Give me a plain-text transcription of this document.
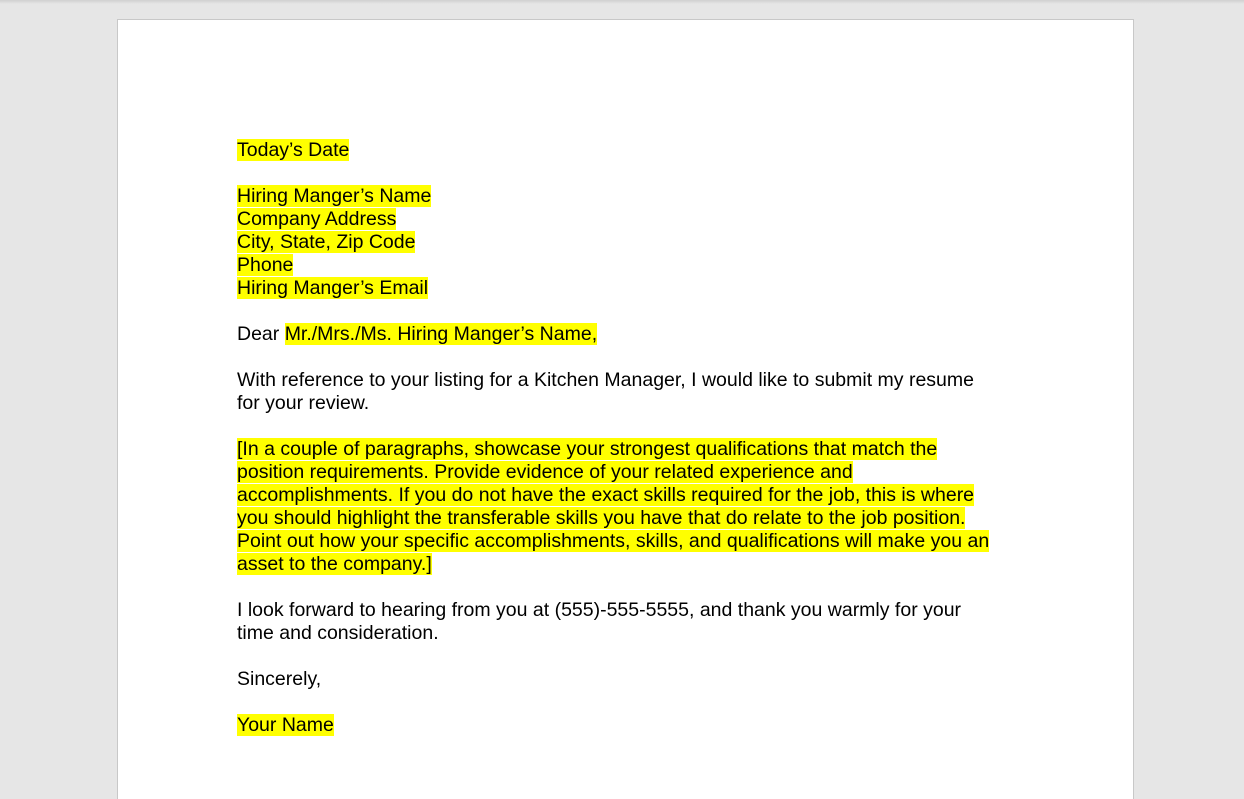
Today’s Date
Hiring Manger’s Name
Company Address
City, State, Zip Code
Phone
Hiring Manger’s Email
Dear Mr./Mrs./Ms. Hiring Manger’s Name,
With reference to your listing for a Kitchen Manager, I would like to submit my resume
for your review.
[In a couple of paragraphs, showcase your strongest qualifications that match the
position requirements. Provide evidence of your related experience and
accomplishments. If you do not have the exact skills required for the job, this is where
you should highlight the transferable skills you have that do relate to the job position.
Point out how your specific accomplishments, skills, and qualifications will make you an
asset to the company.]
I look forward to hearing from you at (555)-555-5555, and thank you warmly for your
time and consideration.
Sincerely,
Your Name
